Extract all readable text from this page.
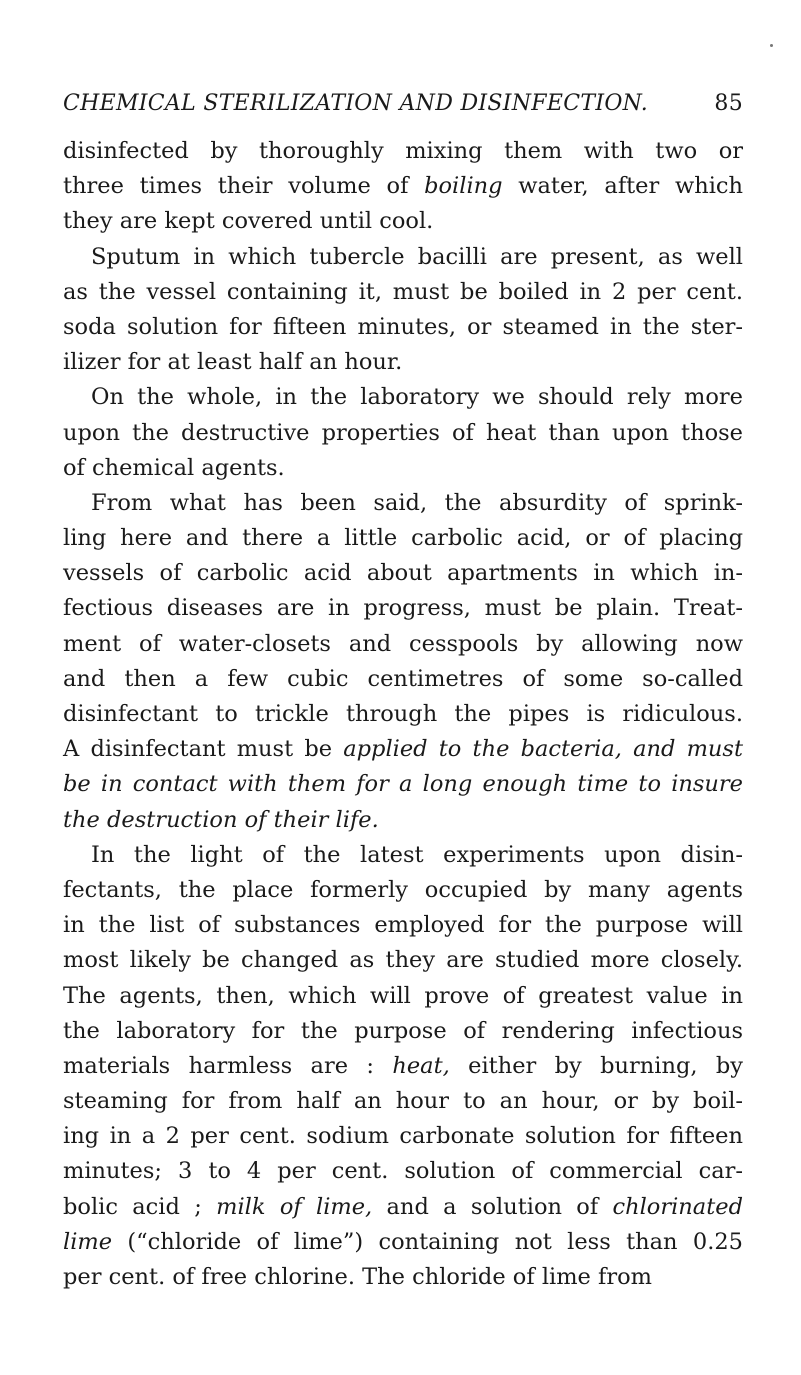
CHEMICAL STERILIZATION AND DISINFECTION.	85
disinfected by thoroughly mixing them with two or
three times their volume of boiling water, after which
they are kept covered until cool.
Sputum in which tubercle bacilli are present, as well
as the vessel containing it, must be boiled in 2 per cent.
soda solution for fifteen minutes, or steamed in the ster-
ilizer for at least half an hour.
On the whole, in the laboratory we should rely more
upon the destructive properties of heat than upon those
of chemical agents.
From what has been said, the absurdity of sprink-
ling here and there a little carbolic acid, or of placing
vessels of carbolic acid about apartments in which in-
fectious diseases are in progress, must be plain. Treat-
ment of water-closets and cesspools by allowing now
and then a few cubic centimetres of some so-called
disinfectant to trickle through the pipes is ridiculous.
A disinfectant must be applied to the bacteria, and must
be in contact with them for a long enough time to insure
the destruction of their life.
In the light of the latest experiments upon disin-
fectants, the place formerly occupied by many agents
in the list of substances employed for the purpose will
most likely be changed as they are studied more closely.
The agents, then, which will prove of greatest value in
the laboratory for the purpose of rendering infectious
materials harmless are : heat, either by burning, by
steaming for from half an hour to an hour, or by boil-
ing in a 2 per cent. sodium carbonate solution for fifteen
minutes; 3 to 4 per cent. solution of commercial car-
bolic acid ; milk of lime, and a solution of chlorinated
lime (“chloride of lime”) containing not less than 0.25
per cent. of free chlorine. The chloride of lime from
